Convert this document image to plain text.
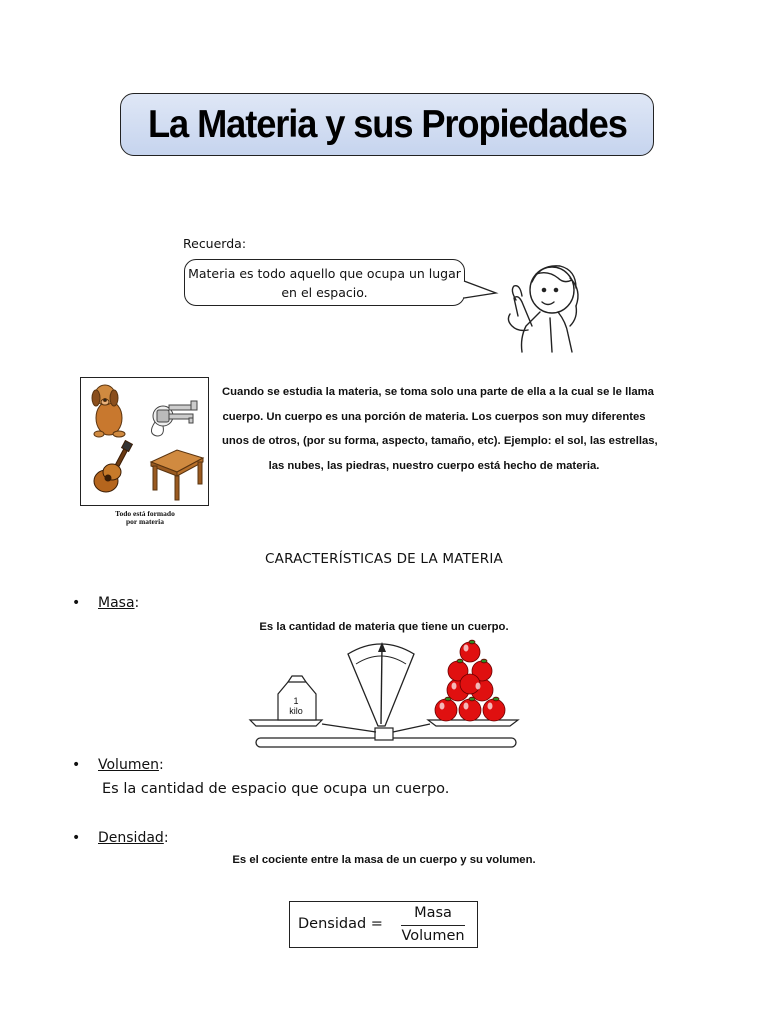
La Materia y sus Propiedades
Recuerda:
Materia es todo aquello que ocupa un lugar
en el espacio.
Todo está formado
por materia
Cuando se estudia la materia, se toma solo una parte de ella a la cual se le llama
cuerpo. Un cuerpo es una porción de materia. Los cuerpos son muy diferentes
unos de otros, (por su forma, aspecto, tamaño, etc). Ejemplo: el sol, las estrellas,
las nubes, las piedras, nuestro cuerpo está hecho de materia.
CARACTERÍSTICAS DE LA MATERIA
• Masa:
Es la cantidad de materia que tiene un cuerpo.
1
kilo
• Volumen:
Es la cantidad de espacio que ocupa un cuerpo.
• Densidad:
Es el cociente entre la masa de un cuerpo y su volumen.
Densidad =
Masa
Volumen
